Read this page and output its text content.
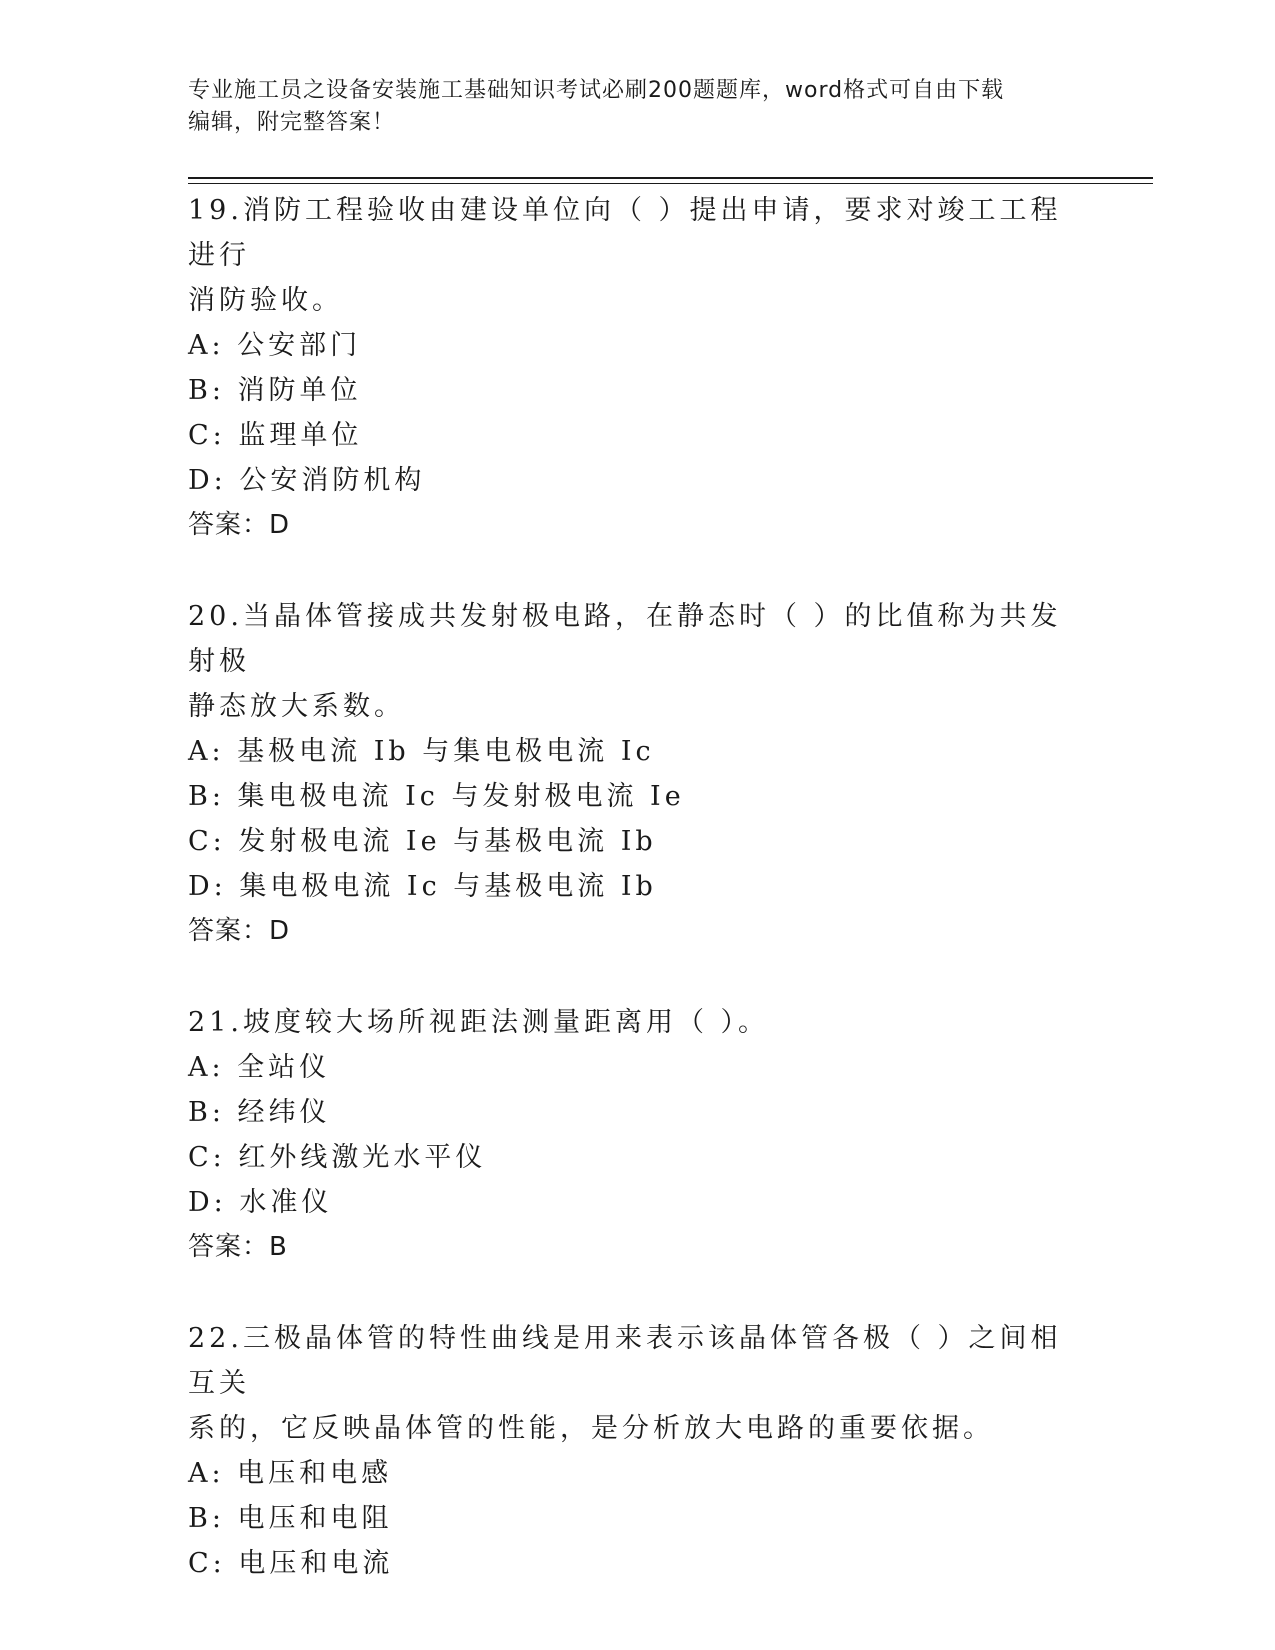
专业施工员之设备安装施工基础知识考试必刷200题题库，word格式可自由下载
编辑，附完整答案！
19.消防工程验收由建设单位向（ ）提出申请，要求对竣工工程进行
消防验收。
A: 公安部门
B: 消防单位
C: 监理单位
D: 公安消防机构
答案：D
20.当晶体管接成共发射极电路，在静态时（ ）的比值称为共发射极
静态放大系数。
A: 基极电流 Ib 与集电极电流 Ic
B: 集电极电流 Ic 与发射极电流 Ie
C: 发射极电流 Ie 与基极电流 Ib
D: 集电极电流 Ic 与基极电流 Ib
答案：D
21.坡度较大场所视距法测量距离用（ ）。
A: 全站仪
B: 经纬仪
C: 红外线激光水平仪
D: 水准仪
答案：B
22.三极晶体管的特性曲线是用来表示该晶体管各极（ ）之间相互关
系的，它反映晶体管的性能，是分析放大电路的重要依据。
A: 电压和电感
B: 电压和电阻
C: 电压和电流
